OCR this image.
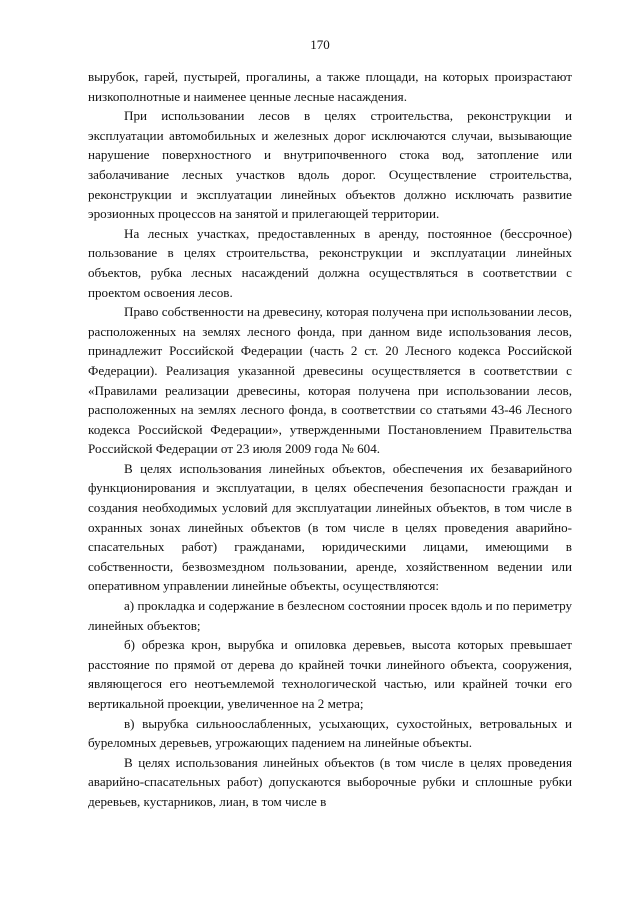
170

вырубок, гарей, пустырей, прогалины, а также площади, на которых произрастают низкополнотные и наименее ценные лесные насаждения.

При использовании лесов в целях строительства, реконструкции и эксплуатации автомобильных и железных дорог исключаются случаи, вызывающие нарушение поверхностного и внутрипочвенного стока вод, затопление или заболачивание лесных участков вдоль дорог. Осуществление строительства, реконструкции и эксплуатации линейных объектов должно исключать развитие эрозионных процессов на занятой и прилегающей территории.

На лесных участках, предоставленных в аренду, постоянное (бессрочное) пользование в целях строительства, реконструкции и эксплуатации линейных объектов, рубка лесных насаждений должна осуществляться в соответствии с проектом освоения лесов.

Право собственности на древесину, которая получена при использовании лесов, расположенных на землях лесного фонда, при данном виде использования лесов, принадлежит Российской Федерации (часть 2 ст. 20 Лесного кодекса Российской Федерации). Реализация указанной древесины осуществляется в соответствии с «Правилами реализации древесины, которая получена при использовании лесов, расположенных на землях лесного фонда, в соответствии со статьями 43-46 Лесного кодекса Российской Федерации», утвержденными Постановлением Правительства Российской Федерации от 23 июля 2009 года № 604.

В целях использования линейных объектов, обеспечения их безаварийного функционирования и эксплуатации, в целях обеспечения безопасности граждан и создания необходимых условий для эксплуатации линейных объектов, в том числе в охранных зонах линейных объектов (в том числе в целях проведения аварийно-спасательных работ) гражданами, юридическими лицами, имеющими в собственности, безвозмездном пользовании, аренде, хозяйственном ведении или оперативном управлении линейные объекты, осуществляются:

а) прокладка и содержание в безлесном состоянии просек вдоль и по периметру линейных объектов;

б) обрезка крон, вырубка и опиловка деревьев, высота которых превышает расстояние по прямой от дерева до крайней точки линейного объекта, сооружения, являющегося его неотъемлемой технологической частью, или крайней точки его вертикальной проекции, увеличенное на 2 метра;

в) вырубка сильноослабленных, усыхающих, сухостойных, ветровальных и буреломных деревьев, угрожающих падением на линейные объекты.

В целях использования линейных объектов (в том числе в целях проведения аварийно-спасательных работ) допускаются выборочные рубки и сплошные рубки деревьев, кустарников, лиан, в том числе в
